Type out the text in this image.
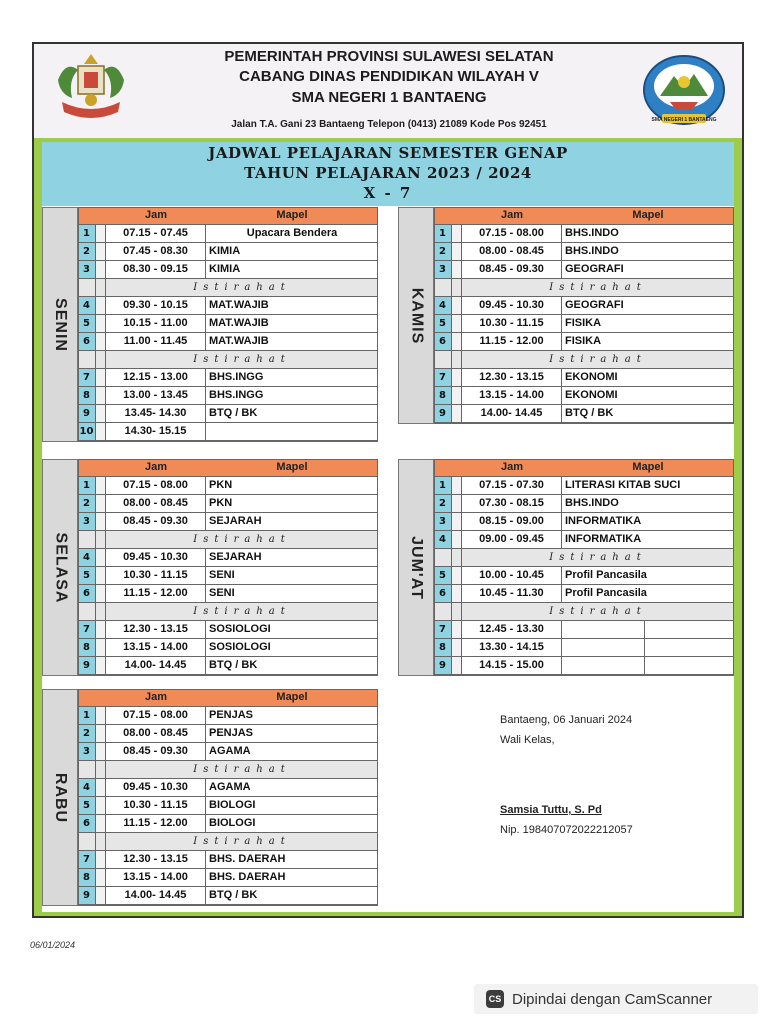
PEMERINTAH PROVINSI SULAWESI SELATAN
CABANG DINAS PENDIDIKAN WILAYAH V
SMA NEGERI 1 BANTAENG
Jalan T.A. Gani 23 Bantaeng Telepon (0413) 21089 Kode Pos 92451	SMA NEGERI 1 BANTAENG
JADWAL PELAJARAN SEMESTER GENAP
TAHUN PELAJARAN 2023 / 2024
X - 7
Bantaeng, 06 Januari 2024
Wali Kelas,
Samsia Tuttu, S. Pd
Nip. 198407072022212057
SENIN
Jam	Mapel
1	07.15 - 07.45	Upacara Bendera
2	07.45 - 08.30	KIMIA
3	08.30 - 09.15	KIMIA
Istirahat
4	09.30 - 10.15	MAT.WAJIB
5	10.15 - 11.00	MAT.WAJIB
6	11.00 - 11.45	MAT.WAJIB
Istirahat
7	12.15 - 13.00	BHS.INGG
8	13.00 - 13.45	BHS.INGG
9	13.45- 14.30	BTQ / BK
10	14.30- 15.15
KAMIS
Jam	Mapel
1	07.15 - 08.00	BHS.INDO
2	08.00 - 08.45	BHS.INDO
3	08.45 - 09.30	GEOGRAFI
Istirahat
4	09.45 - 10.30	GEOGRAFI
5	10.30 - 11.15	FISIKA
6	11.15 - 12.00	FISIKA
Istirahat
7	12.30 - 13.15	EKONOMI
8	13.15 - 14.00	EKONOMI
9	14.00- 14.45	BTQ / BK
SELASA
Jam	Mapel
1	07.15 - 08.00	PKN
2	08.00 - 08.45	PKN
3	08.45 - 09.30	SEJARAH
Istirahat
4	09.45 - 10.30	SEJARAH
5	10.30 - 11.15	SENI
6	11.15 - 12.00	SENI
Istirahat
7	12.30 - 13.15	SOSIOLOGI
8	13.15 - 14.00	SOSIOLOGI
9	14.00- 14.45	BTQ / BK
JUM'AT
Jam	Mapel
1	07.15 - 07.30	LITERASI KITAB SUCI
2	07.30 - 08.15	BHS.INDO
3	08.15 - 09.00	INFORMATIKA
4	09.00 - 09.45	INFORMATIKA
Istirahat
5	10.00 - 10.45	Profil Pancasila
6	10.45 - 11.30	Profil Pancasila
Istirahat
7	12.45 - 13.30
8	13.30 - 14.15
9	14.15 - 15.00
RABU
Jam	Mapel
1	07.15 - 08.00	PENJAS
2	08.00 - 08.45	PENJAS
3	08.45 - 09.30	AGAMA
Istirahat
4	09.45 - 10.30	AGAMA
5	10.30 - 11.15	BIOLOGI
6	11.15 - 12.00	BIOLOGI
Istirahat
7	12.30 - 13.15	BHS. DAERAH
8	13.15 - 14.00	BHS. DAERAH
9	14.00- 14.45	BTQ / BK
06/01/2024
CS Dipindai dengan CamScanner
